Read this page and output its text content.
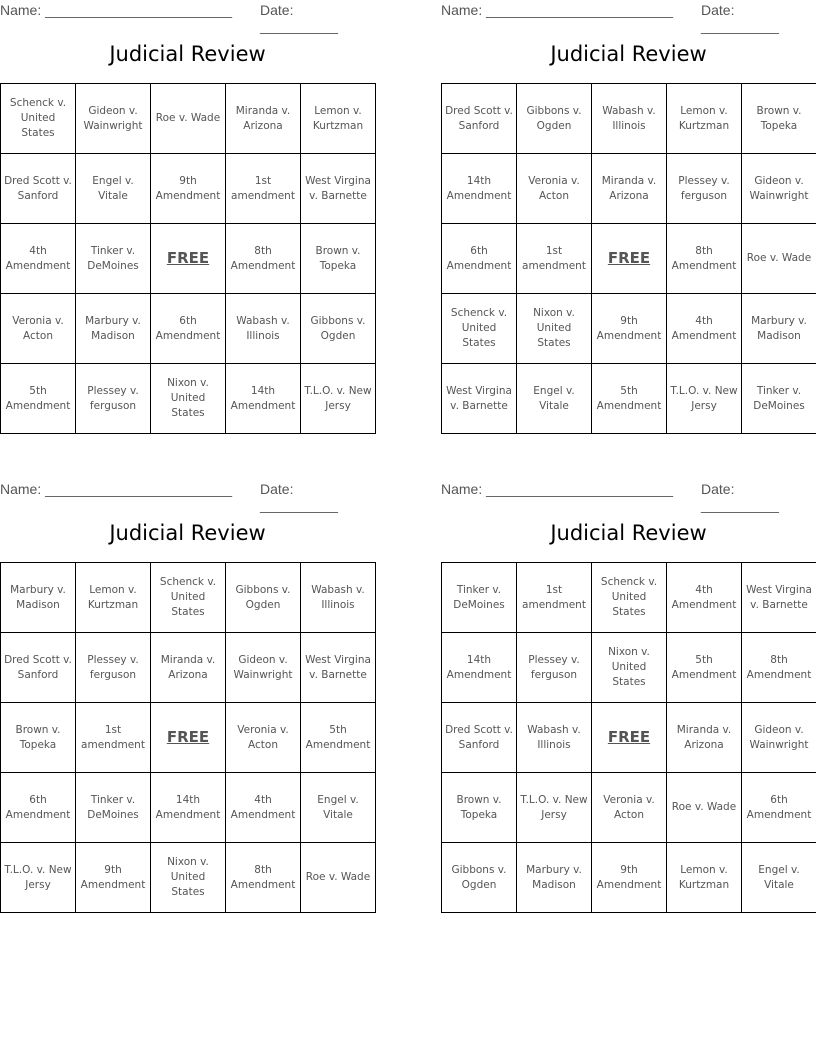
Name: ________________________ Date: __________
Judicial Review
Schenck v. United States	Gideon v. Wainwright	Roe v. Wade	Miranda v. Arizona	Lemon v. Kurtzman
Dred Scott v. Sanford	Engel v. Vitale	9th Amendment	1st amendment	West Virgina v. Barnette
4th Amendment	Tinker v. DeMoines	FREE	8th Amendment	Brown v. Topeka
Veronia v. Acton	Marbury v. Madison	6th Amendment	Wabash v. Illinois	Gibbons v. Ogden
5th Amendment	Plessey v. ferguson	Nixon v. United States	14th Amendment	T.L.O. v. New Jersy
Name: ________________________ Date: __________
Judicial Review
Dred Scott v. Sanford	Gibbons v. Ogden	Wabash v. Illinois	Lemon v. Kurtzman	Brown v. Topeka
14th Amendment	Veronia v. Acton	Miranda v. Arizona	Plessey v. ferguson	Gideon v. Wainwright
6th Amendment	1st amendment	FREE	8th Amendment	Roe v. Wade
Schenck v. United States	Nixon v. United States	9th Amendment	4th Amendment	Marbury v. Madison
West Virgina v. Barnette	Engel v. Vitale	5th Amendment	T.L.O. v. New Jersy	Tinker v. DeMoines
Name: ________________________ Date: __________
Judicial Review
Marbury v. Madison	Lemon v. Kurtzman	Schenck v. United States	Gibbons v. Ogden	Wabash v. Illinois
Dred Scott v. Sanford	Plessey v. ferguson	Miranda v. Arizona	Gideon v. Wainwright	West Virgina v. Barnette
Brown v. Topeka	1st amendment	FREE	Veronia v. Acton	5th Amendment
6th Amendment	Tinker v. DeMoines	14th Amendment	4th Amendment	Engel v. Vitale
T.L.O. v. New Jersy	9th Amendment	Nixon v. United States	8th Amendment	Roe v. Wade
Name: ________________________ Date: __________
Judicial Review
Tinker v. DeMoines	1st amendment	Schenck v. United States	4th Amendment	West Virgina v. Barnette
14th Amendment	Plessey v. ferguson	Nixon v. United States	5th Amendment	8th Amendment
Dred Scott v. Sanford	Wabash v. Illinois	FREE	Miranda v. Arizona	Gideon v. Wainwright
Brown v. Topeka	T.L.O. v. New Jersy	Veronia v. Acton	Roe v. Wade	6th Amendment
Gibbons v. Ogden	Marbury v. Madison	9th Amendment	Lemon v. Kurtzman	Engel v. Vitale
